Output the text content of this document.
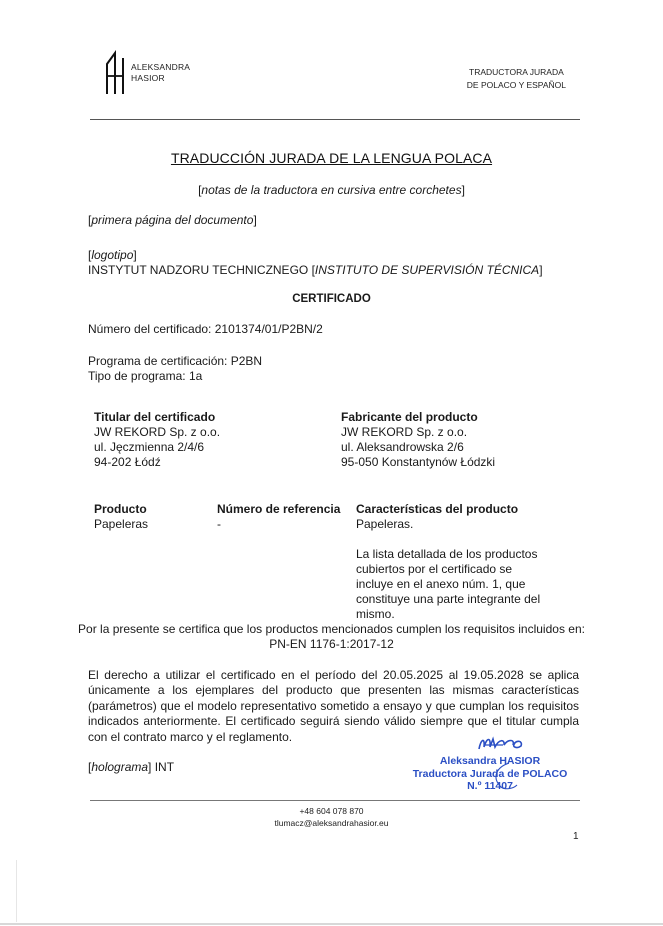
ALEKSANDRA
HASIOR
TRADUCTORA JURADA
DE POLACO Y ESPAÑOL
TRADUCCIÓN JURADA DE LA LENGUA POLACA
[notas de la traductora en cursiva entre corchetes]
[primera página del documento]
[logotipo]
INSTYTUT NADZORU TECHNICZNEGO [INSTITUTO DE SUPERVISIÓN TÉCNICA]
CERTIFICADO
Número del certificado: 2101374/01/P2BN/2
Programa de certificación: P2BN
Tipo de programa: 1a
Titular del certificado
JW REKORD Sp. z o.o.
ul. Jęczmienna 2/4/6
94-202 Łódź
Fabricante del producto
JW REKORD Sp. z o.o.
ul. Aleksandrowska 2/6
95-050 Konstantynów Łódzki
Producto
Papeleras
Número de referencia
-
Características del producto
Papeleras.
La lista detallada de los productos cubiertos por el certificado se incluye en el anexo núm. 1, que constituye una parte integrante del mismo.
Por la presente se certifica que los productos mencionados cumplen los requisitos incluidos en:
PN-EN 1176-1:2017-12
El derecho a utilizar el certificado en el período del 20.05.2025 al 19.05.2028 se aplica únicamente a los ejemplares del producto que presenten las mismas características (parámetros) que el modelo representativo sometido a ensayo y que cumplan los requisitos indicados anteriormente. El certificado seguirá siendo válido siempre que el titular cumpla con el contrato marco y el reglamento.
[holograma] INT	Aleksandra HASIOR
Traductora Jurada de POLACO
N.º 11407
+48 604 078 870
tlumacz@aleksandrahasior.eu
1
